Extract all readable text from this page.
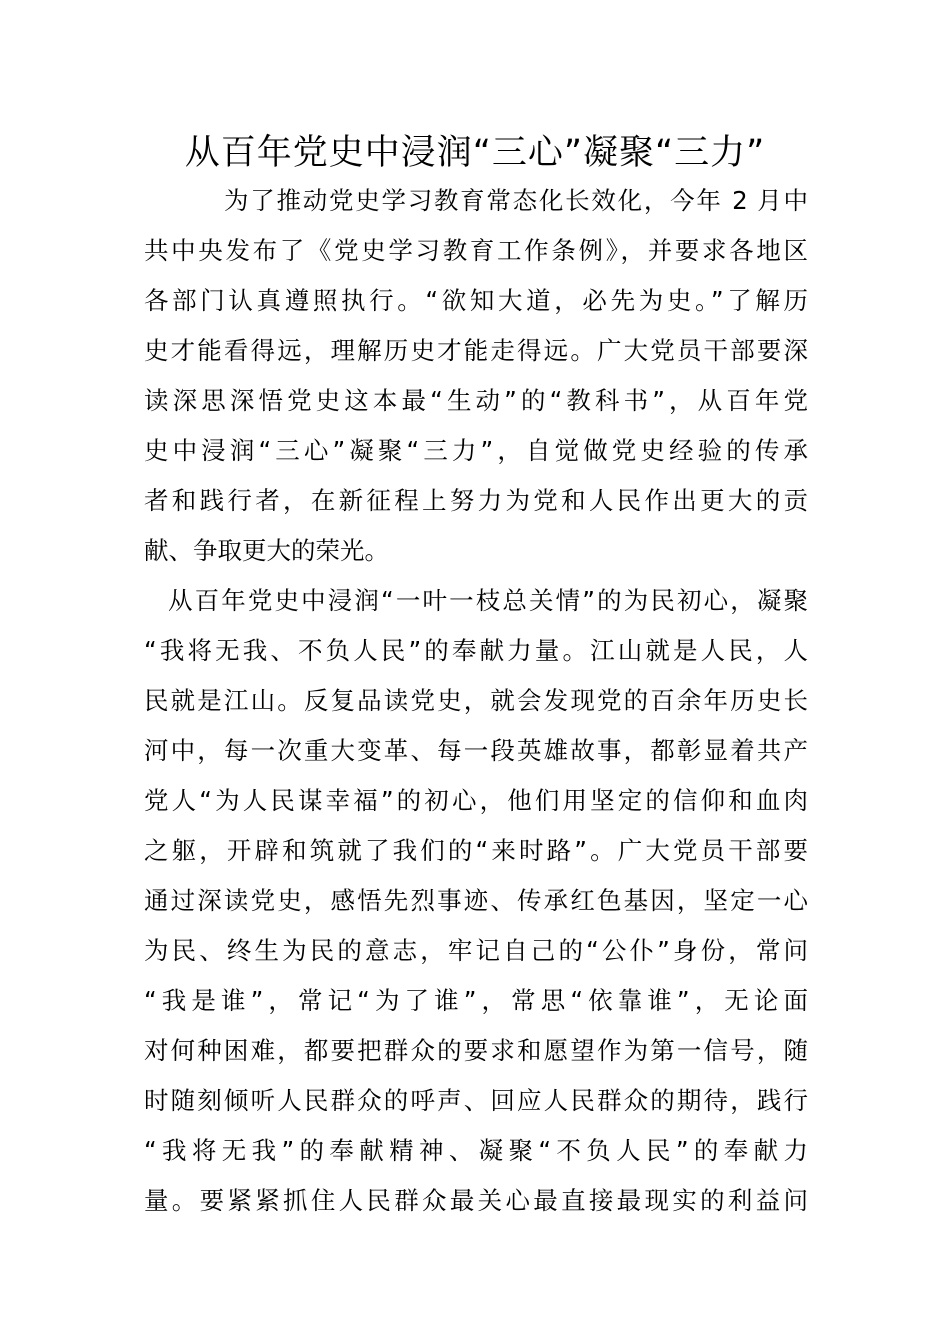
从百年党史中浸润“三心”凝聚“三力”
为了推动党史学习教育常态化长效化，今年 2 月中
共中央发布了《党史学习教育工作条例》，并要求各地区
各部门认真遵照执行。“欲知大道，必先为史。”了解历
史才能看得远，理解历史才能走得远。广大党员干部要深
读深思深悟党史这本最“生动”的“教科书”，从百年党
史中浸润“三心”凝聚“三力”，自觉做党史经验的传承
者和践行者，在新征程上努力为党和人民作出更大的贡
献、争取更大的荣光。
从百年党史中浸润“一叶一枝总关情”的为民初心，凝聚
“我将无我、不负人民”的奉献力量。江山就是人民，人
民就是江山。反复品读党史，就会发现党的百余年历史长
河中，每一次重大变革、每一段英雄故事，都彰显着共产
党人“为人民谋幸福”的初心，他们用坚定的信仰和血肉
之躯，开辟和筑就了我们的“来时路”。广大党员干部要
通过深读党史，感悟先烈事迹、传承红色基因，坚定一心
为民、终生为民的意志，牢记自己的“公仆”身份，常问
“我是谁”，常记“为了谁”，常思“依靠谁”，无论面
对何种困难，都要把群众的要求和愿望作为第一信号，随
时随刻倾听人民群众的呼声、回应人民群众的期待，践行
“我将无我”的奉献精神、凝聚“不负人民”的奉献力
量。要紧紧抓住人民群众最关心最直接最现实的利益问
